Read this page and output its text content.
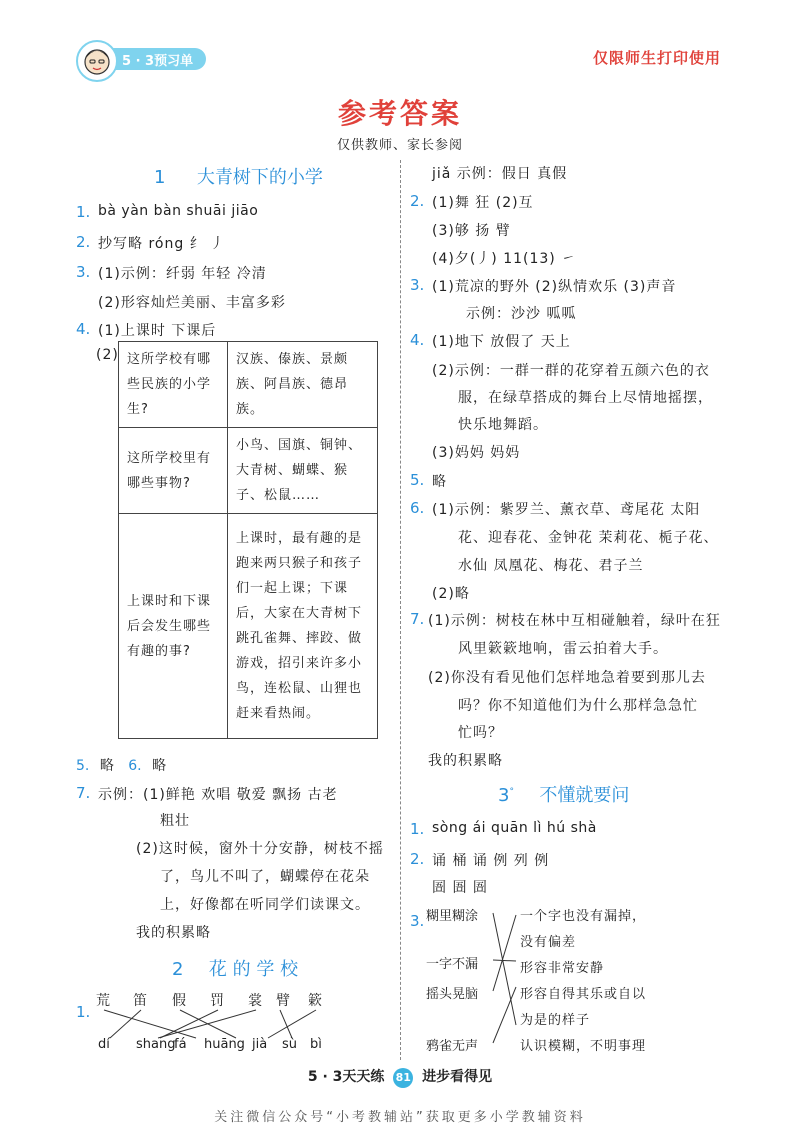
5 · 3预习单	仅限师生打印使用
参考答案
仅供教师、家长参阅
1 大青树下的小学
1. bà yàn bàn shuāi jiāo
2. 抄写略 róng 纟 丿
3. (1)示例：纤弱 年轻 冷清
(2)形容灿烂美丽、丰富多彩
4. (1)上课时 下课后
(2) 这所学校有哪些民族的小学生?	汉族、傣族、景颇族、阿昌族、德昂族。
这所学校里有哪些事物?	小鸟、国旗、铜钟、大青树、蝴蝶、猴子、松鼠……
上课时和下课后会发生哪些有趣的事?	上课时，最有趣的是跑来两只猴子和孩子们一起上课；下课后，大家在大青树下跳孔雀舞、摔跤、做游戏，招引来许多小鸟，连松鼠、山狸也赶来看热闹。
5. 略 6. 略
7. 示例：(1)鲜艳 欢唱 敬爱 飘扬 古老
粗壮
(2)这时候，窗外十分安静，树枝不摇
了，鸟儿不叫了，蝴蝶停在花朵
上，好像都在听同学们读课文。
我的积累略
2 花 的 学 校
1.
荒 笛 假 罚 裳 臂 簌
dí shang
fá huāng jià sù bì
jiǎ 示例：假日 真假
2. (1)舞 狂 (2)互
(3)够 扬 臂
(4)夕(丿) 11(13) ㇀
3. (1)荒凉的野外 (2)纵情欢乐 (3)声音
示例：沙沙 呱呱
4. (1)地下 放假了 天上
(2)示例：一群一群的花穿着五颜六色的衣
服，在绿草搭成的舞台上尽情地摇摆，
快乐地舞蹈。
(3)妈妈 妈妈
5. 略
6. (1)示例：紫罗兰、薰衣草、鸢尾花 太阳
花、迎春花、金钟花 茉莉花、栀子花、
水仙 凤凰花、梅花、君子兰
(2)略
7. (1)示例：树枝在林中互相碰触着，绿叶在狂
风里簌簌地响，雷云拍着大手。
(2)你没有看见他们怎样地急着要到那儿去
吗？你不知道他们为什么那样急急忙
忙吗？
我的积累略
3° 不懂就要问
1. sòng ái quān lì hú shà
2. 诵 桶 诵 例 列 例
圄 圄 圄
3. 糊里糊涂
一字不漏
摇头晃脑
鸦雀无声
一个字也没有漏掉，
没有偏差
形容非常安静
形容自得其乐或自以
为是的样子
认识模糊，不明事理
5 · 3天天练 81 进步看得见
关注微信公众号“小考教辅站”获取更多小学教辅资料
